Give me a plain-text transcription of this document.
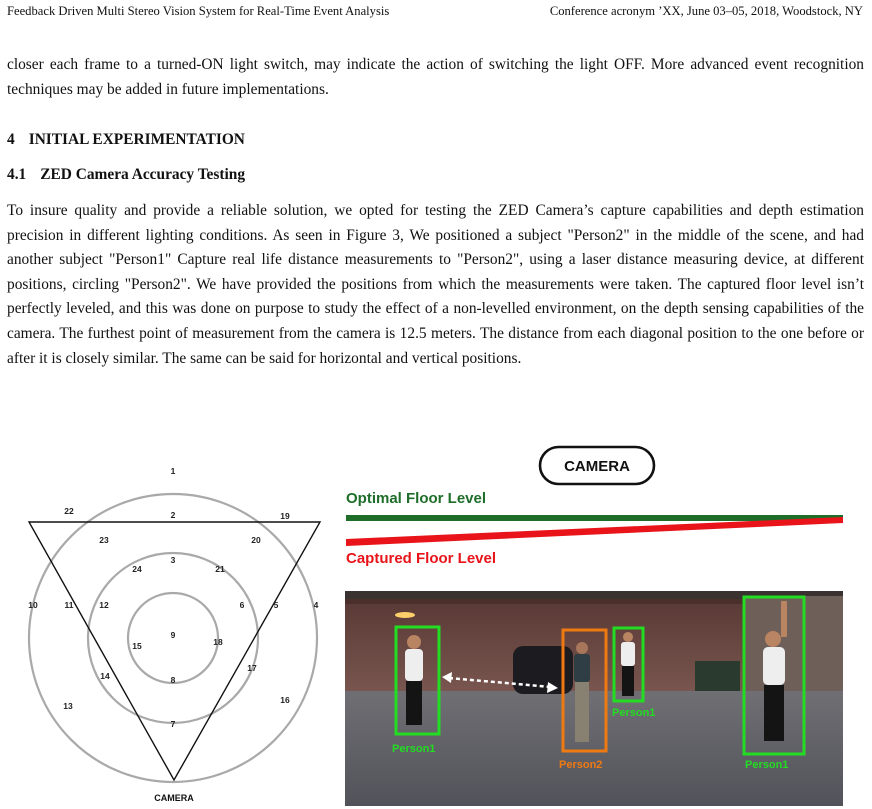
Feedback Driven Multi Stereo Vision System for Real-Time Event Analysis	Conference acronym ’XX, June 03–05, 2018, Woodstock, NY
closer each frame to a turned-ON light switch, may indicate the action of switching the light OFF. More advanced event recognition techniques may be added in future implementations.
4 INITIAL EXPERIMENTATION
4.1 ZED Camera Accuracy Testing
To insure quality and provide a reliable solution, we opted for testing the ZED Camera’s capture capabilities and depth estimation precision in different lighting conditions. As seen in Figure 3, We positioned a subject "Person2" in the middle of the scene, and had another subject "Person1" Capture real life distance measurements to "Person2", using a laser distance measuring device, at different positions, circling "Person2". We have provided the positions from which the measurements were taken. The captured floor level isn’t perfectly leveled, and this was done on purpose to study the effect of a non-levelled environment, on the depth sensing capabilities of the camera. The furthest point of measurement from the camera is 12.5 meters. The distance from each diagonal position to the one before or after it is closely similar. The same can be said for horizontal and vertical positions.
1
2
3
4
5
6
7
8
9
10	11	12
13
14
15
16
17
18
19
20
21
22
23
24
CAMERA
CAMERA
Optimal Floor Level
Captured Floor Level
Person1
Person2
Person1
Person1
